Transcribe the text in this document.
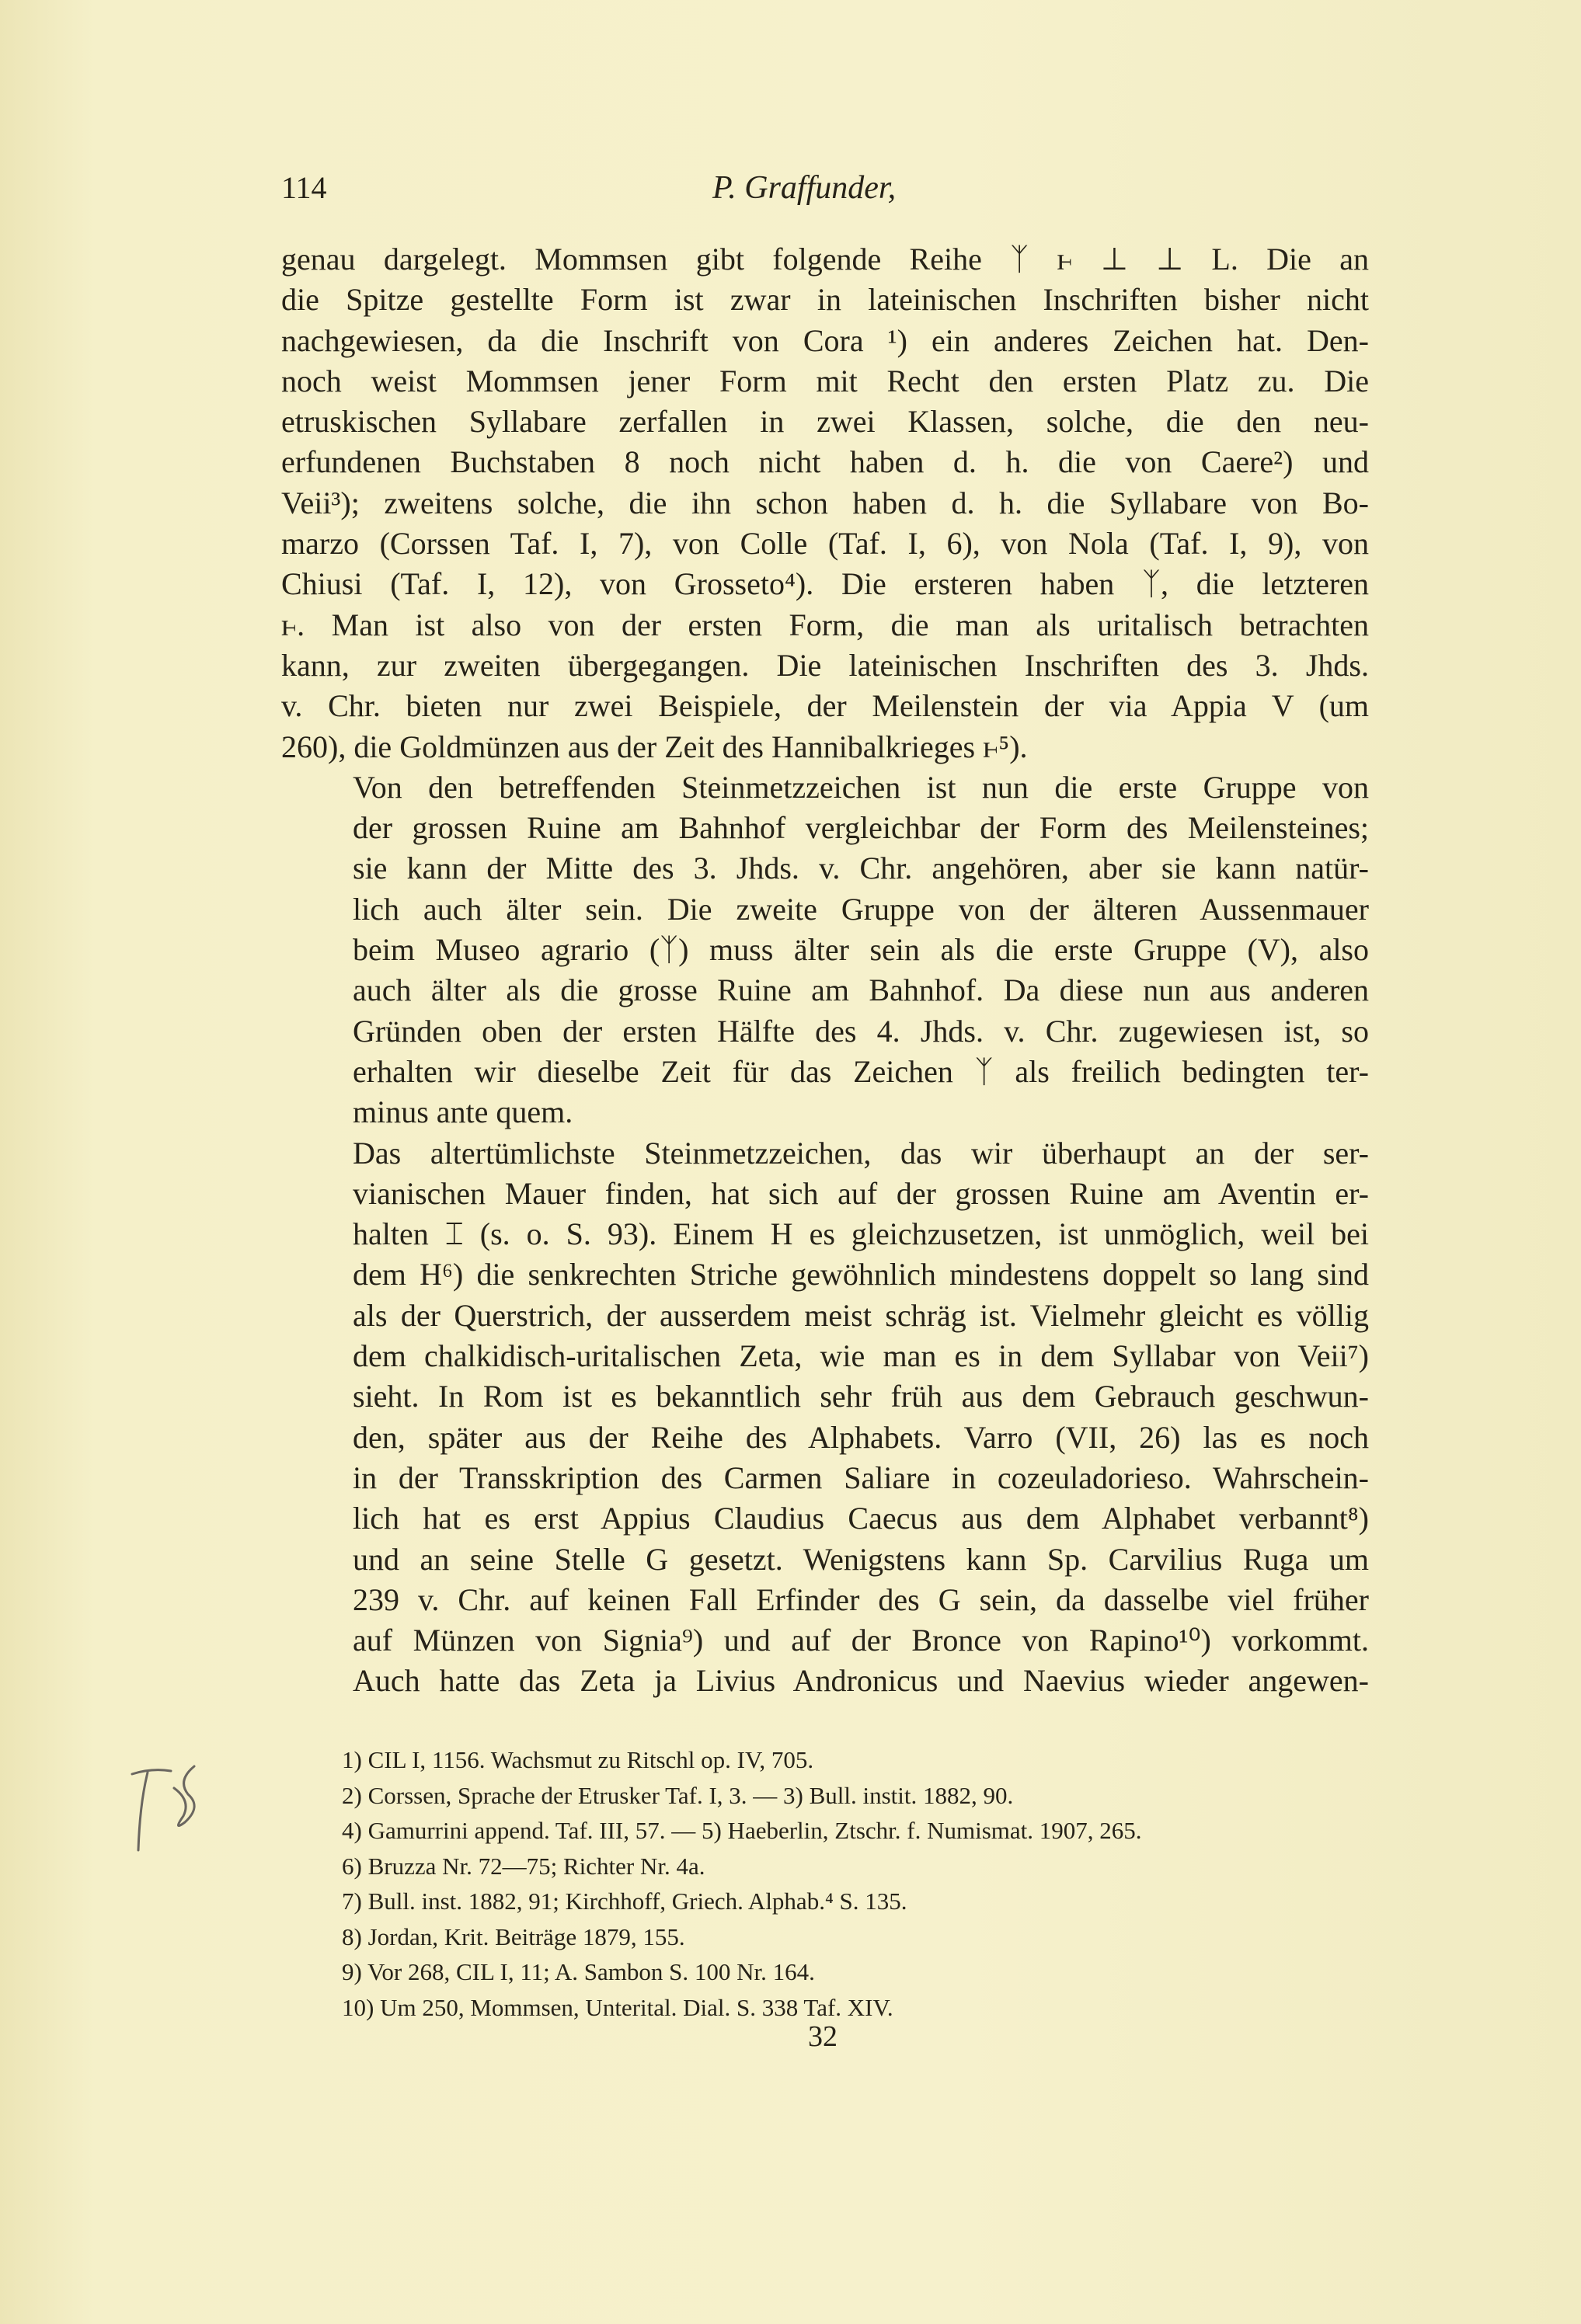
114	P. Graffunder,

genau dargelegt. Mommsen gibt folgende Reihe ᛉ ⱶ ⊥ ⊥ L. Die an
die Spitze gestellte Form ist zwar in lateinischen Inschriften bisher nicht
nachgewiesen, da die Inschrift von Cora ¹) ein anderes Zeichen hat. Den-
noch weist Mommsen jener Form mit Recht den ersten Platz zu. Die
etruskischen Syllabare zerfallen in zwei Klassen, solche, die den neu-
erfundenen Buchstaben 8 noch nicht haben d. h. die von Caere²) und
Veii³); zweitens solche, die ihn schon haben d. h. die Syllabare von Bo-
marzo (Corssen Taf. I, 7), von Colle (Taf. I, 6), von Nola (Taf. I, 9), von
Chiusi (Taf. I, 12), von Grosseto⁴). Die ersteren haben ᛉ, die letzteren
ⱶ. Man ist also von der ersten Form, die man als uritalisch betrachten
kann, zur zweiten übergegangen. Die lateinischen Inschriften des 3. Jhds.
v. Chr. bieten nur zwei Beispiele, der Meilenstein der via Appia V (um
260), die Goldmünzen aus der Zeit des Hannibalkrieges ⱶ⁵).

Von den betreffenden Steinmetzzeichen ist nun die erste Gruppe von
der grossen Ruine am Bahnhof vergleichbar der Form des Meilensteines;
sie kann der Mitte des 3. Jhds. v. Chr. angehören, aber sie kann natür-
lich auch älter sein. Die zweite Gruppe von der älteren Aussenmauer
beim Museo agrario (ᛉ) muss älter sein als die erste Gruppe (V), also
auch älter als die grosse Ruine am Bahnhof. Da diese nun aus anderen
Gründen oben der ersten Hälfte des 4. Jhds. v. Chr. zugewiesen ist, so
erhalten wir dieselbe Zeit für das Zeichen ᛉ als freilich bedingten ter-
minus ante quem.

Das altertümlichste Steinmetzzeichen, das wir überhaupt an der ser-
vianischen Mauer finden, hat sich auf der grossen Ruine am Aventin er-
halten ⌶ (s. o. S. 93). Einem H es gleichzusetzen, ist unmöglich, weil bei
dem H⁶) die senkrechten Striche gewöhnlich mindestens doppelt so lang sind
als der Querstrich, der ausserdem meist schräg ist. Vielmehr gleicht es völlig
dem chalkidisch-uritalischen Zeta, wie man es in dem Syllabar von Veii⁷)
sieht. In Rom ist es bekanntlich sehr früh aus dem Gebrauch geschwun-
den, später aus der Reihe des Alphabets. Varro (VII, 26) las es noch
in der Transskription des Carmen Saliare in cozeuladorieso. Wahrschein-
lich hat es erst Appius Claudius Caecus aus dem Alphabet verbannt⁸)
und an seine Stelle G gesetzt. Wenigstens kann Sp. Carvilius Ruga um
239 v. Chr. auf keinen Fall Erfinder des G sein, da dasselbe viel früher
auf Münzen von Signia⁹) und auf der Bronce von Rapino¹⁰) vorkommt.
Auch hatte das Zeta ja Livius Andronicus und Naevius wieder angewen-

1) CIL I, 1156. Wachsmut zu Ritschl op. IV, 705.
2) Corssen, Sprache der Etrusker Taf. I, 3. — 3) Bull. instit. 1882, 90.
4) Gamurrini append. Taf. III, 57. — 5) Haeberlin, Ztschr. f. Numismat. 1907, 265.
6) Bruzza Nr. 72—75; Richter Nr. 4a.
7) Bull. inst. 1882, 91; Kirchhoff, Griech. Alphab.⁴ S. 135.
8) Jordan, Krit. Beiträge 1879, 155.
9) Vor 268, CIL I, 11; A. Sambon S. 100 Nr. 164.
10) Um 250, Mommsen, Unterital. Dial. S. 338 Taf. XIV.
32
